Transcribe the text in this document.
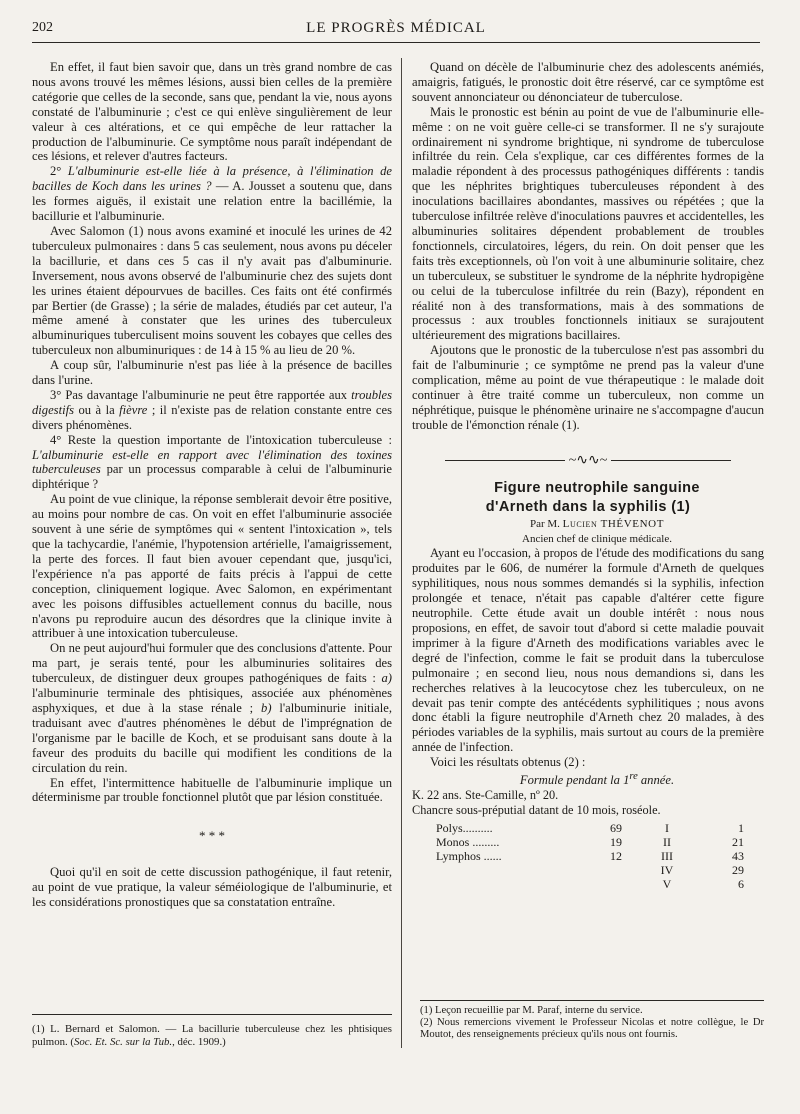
202	LE PROGRÈS MÉDICAL

En effet, il faut bien savoir que, dans un très grand nombre de cas nous avons trouvé les mêmes lésions, aussi bien celles de la première catégorie que celles de la seconde, sans que, pendant la vie, nous ayons constaté de l'albuminurie ; c'est ce qui enlève singulièrement de leur valeur à ces altérations, et ce qui empêche de leur rattacher la production de l'albuminurie. Ce symptôme nous paraît indépendant de ces lésions, et relever d'autres facteurs.

2° L'albuminurie est-elle liée à la présence, à l'élimination de bacilles de Koch dans les urines ? — A. Jousset a soutenu que, dans les formes aiguës, il existait une relation entre la bacillémie, la bacillurie et l'albuminurie.

Avec Salomon (1) nous avons examiné et inoculé les urines de 42 tuberculeux pulmonaires : dans 5 cas seulement, nous avons pu déceler la bacillurie, et dans ces 5 cas il n'y avait pas d'albuminurie. Inversement, nous avons observé de l'albuminurie chez des sujets dont les urines étaient dépourvues de bacilles. Ces faits ont été confirmés par Bertier (de Grasse) ; la série de malades, étudiés par cet auteur, l'a même amené à constater que les urines des tuberculeux albuminuriques tuberculisent moins souvent les cobayes que celles des tuberculeux non albuminuriques : de 14 à 15 % au lieu de 20 %.

A coup sûr, l'albuminurie n'est pas liée à la présence de bacilles dans l'urine.

3° Pas davantage l'albuminurie ne peut être rapportée aux troubles digestifs ou à la fièvre ; il n'existe pas de relation constante entre ces divers phénomènes.

4° Reste la question importante de l'intoxication tuberculeuse : L'albuminurie est-elle en rapport avec l'élimination des toxines tuberculeuses par un processus comparable à celui de l'albuminurie diphtérique ?

Au point de vue clinique, la réponse semblerait devoir être positive, au moins pour nombre de cas. On voit en effet l'albuminurie associée souvent à une série de symptômes qui « sentent l'intoxication », tels que la tachycardie, l'anémie, l'hypotension artérielle, l'amaigrissement, la perte des forces. Il faut bien avouer cependant que, jusqu'ici, l'expérience n'a pas apporté de faits précis à l'appui de cette conception, cliniquement logique. Avec Salomon, en expérimentant avec les poisons diffusibles actuellement connus du bacille, nous n'avons pu reproduire aucun des désordres que la clinique invite à attribuer à une intoxication tuberculeuse.

On ne peut aujourd'hui formuler que des conclusions d'attente. Pour ma part, je serais tenté, pour les albuminuries solitaires des tuberculeux, de distinguer deux groupes pathogéniques de faits : a) l'albuminurie terminale des phtisiques, associée aux phénomènes asphyxiques, et due à la stase rénale ; b) l'albuminurie initiale, traduisant avec d'autres phénomènes le début de l'imprégnation de l'organisme par le bacille de Koch, et se produisant sans doute à la faveur des produits du bacille qui modifient les conditions de la circulation du rein.

En effet, l'intermittence habituelle de l'albuminurie implique un déterminisme par trouble fonctionnel plutôt que par lésion constituée.

* * *

Quoi qu'il en soit de cette discussion pathogénique, il faut retenir, au point de vue pratique, la valeur séméiologique de l'albuminurie, et les considérations pronostiques que sa constatation entraîne.

(1) L. Bernard et Salomon. — La bacillurie tuberculeuse chez les phtisiques pulmon. (Soc. Et. Sc. sur la Tub., déc. 1909.)

Quand on décèle de l'albuminurie chez des adolescents anémiés, amaigris, fatigués, le pronostic doit être réservé, car ce symptôme est souvent annonciateur ou dénonciateur de tuberculose.

Mais le pronostic est bénin au point de vue de l'albuminurie elle-même : on ne voit guère celle-ci se transformer. Il ne s'y surajoute ordinairement ni syndrome brightique, ni syndrome de tuberculose infiltrée du rein. Cela s'explique, car ces différentes formes de la maladie répondent à des processus pathogéniques différents : tandis que les néphrites brightiques tuberculeuses répondent à des inoculations bacillaires abondantes, massives ou répétées ; que la tuberculose infiltrée relève d'inoculations pauvres et accidentelles, les albuminuries solitaires dépendent probablement de troubles fonctionnels, circulatoires, légers, du rein. On doit penser que les faits très exceptionnels, où l'on voit à une albuminurie solitaire, chez un tuberculeux, se substituer le syndrome de la néphrite hydropigène ou celui de la tuberculose infiltrée du rein (Bazy), répondent en réalité non à des transformations, mais à des sommations de processus : aux troubles fonctionnels initiaux se surajoutent ultérieurement des migrations bacillaires.

Ajoutons que le pronostic de la tuberculose n'est pas assombri du fait de l'albuminurie ; ce symptôme ne prend pas la valeur d'une complication, même au point de vue thérapeutique : le malade doit continuer à être traité comme un tuberculeux, non comme un néphrétique, puisque le phénomène urinaire ne s'accompagne d'aucun trouble de l'émonction rénale (1).

~∿∿~

Figure neutrophile sanguine
d'Arneth dans la syphilis (1)

Par M. Lucien THÉVENOT

Ancien chef de clinique médicale.

Ayant eu l'occasion, à propos de l'étude des modifications du sang produites par le 606, de numérer la formule d'Arneth de quelques syphilitiques, nous nous sommes demandés si la syphilis, infection prolongée et tenace, n'était pas capable d'altérer cette figure neutrophile. Cette étude avait un double intérêt : nous nous proposions, en effet, de savoir tout d'abord si cette maladie pouvait imprimer à la figure d'Arneth des modifications variables avec le degré de l'infection, comme le fait se produit dans la tuberculose pulmonaire ; en second lieu, nous nous demandions si, dans les recherches relatives à la leucocytose chez les tuberculeux, on ne devait pas tenir compte des antécédents syphilitiques ; nous avons donc établi la figure neutrophile d'Arneth chez 20 malades, à des périodes variables de la syphilis, mais surtout au cours de la première année de l'infection.

Voici les résultats obtenus (2) :

Formule pendant la 1re année.

K. 22 ans. Ste-Camille, nº 20.

Chancre sous-préputial datant de 10 mois, roséole.

Polys..........	69	I	1
Monos .........	19	II	21
Lymphos ......	12	III	43
		IV	29
		V	6

(1) Leçon recueillie par M. Paraf, interne du service.

(2) Nous remercions vivement le Professeur Nicolas et notre collègue, le Dr Moutot, des renseignements précieux qu'ils nous ont fournis.
